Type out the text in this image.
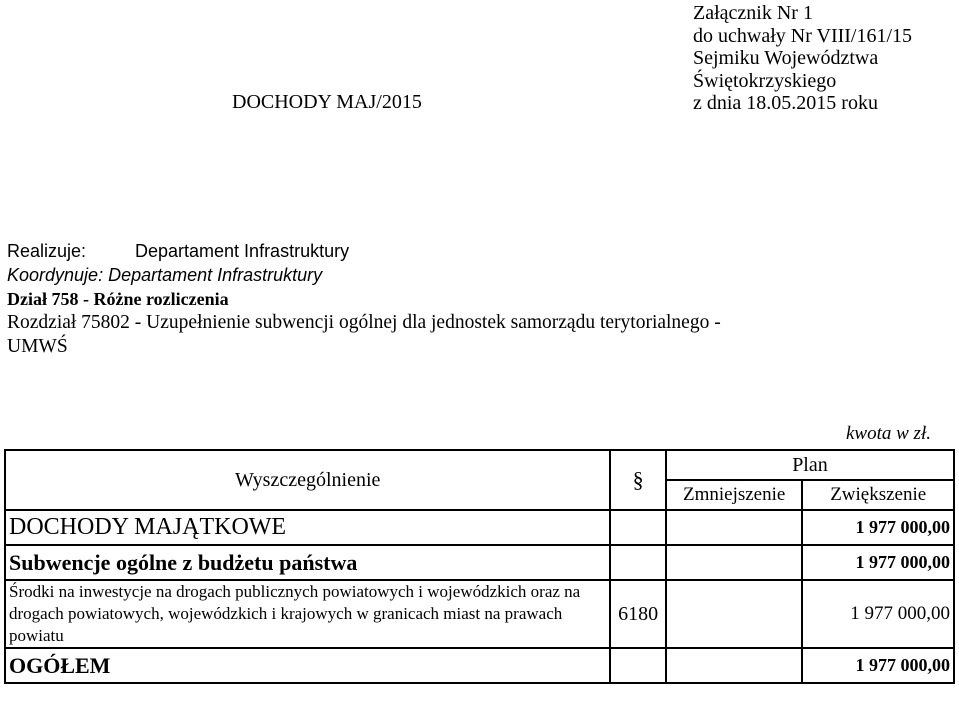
Załącznik Nr 1
do uchwały Nr VIII/161/15
Sejmiku Województwa
Świętokrzyskiego
z dnia 18.05.2015 roku
DOCHODY MAJ/2015
Realizuje:	Departament Infrastruktury
Koordynuje: Departament Infrastruktury
Dział 758 - Różne rozliczenia
Rozdział 75802 - Uzupełnienie subwencji ogólnej dla jednostek samorządu terytorialnego - UMWŚ
kwota w zł.
Wyszczególnienie	§	Plan	
		Zmniejszenie	Zwiększenie
DOCHODY MAJĄTKOWE			1 977 000,00
Subwencje ogólne z budżetu państwa			1 977 000,00
Środki na inwestycje na drogach publicznych powiatowych i wojewódzkich oraz na drogach powiatowych, wojewódzkich i krajowych w granicach miast na prawach powiatu	6180		1 977 000,00
OGÓŁEM			1 977 000,00
